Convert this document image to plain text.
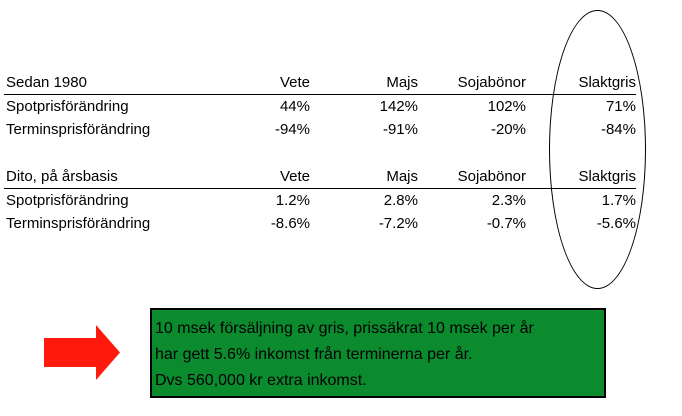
Sedan 1980	Vete	Majs	Sojabönor	Slaktgris
Spotprisförändring	44%	142%	102%	71%
Terminsprisförändring	-94%	-91%	-20%	-84%
Dito, på årsbasis	Vete	Majs	Sojabönor	Slaktgris
Spotprisförändring	1.2%	2.8%	2.3%	1.7%
Terminsprisförändring	-8.6%	-7.2%	-0.7%	-5.6%
10 msek försäljning av gris, prissäkrat 10 msek per år
har gett 5.6% inkomst från terminerna per år.
Dvs 560,000 kr extra inkomst.
